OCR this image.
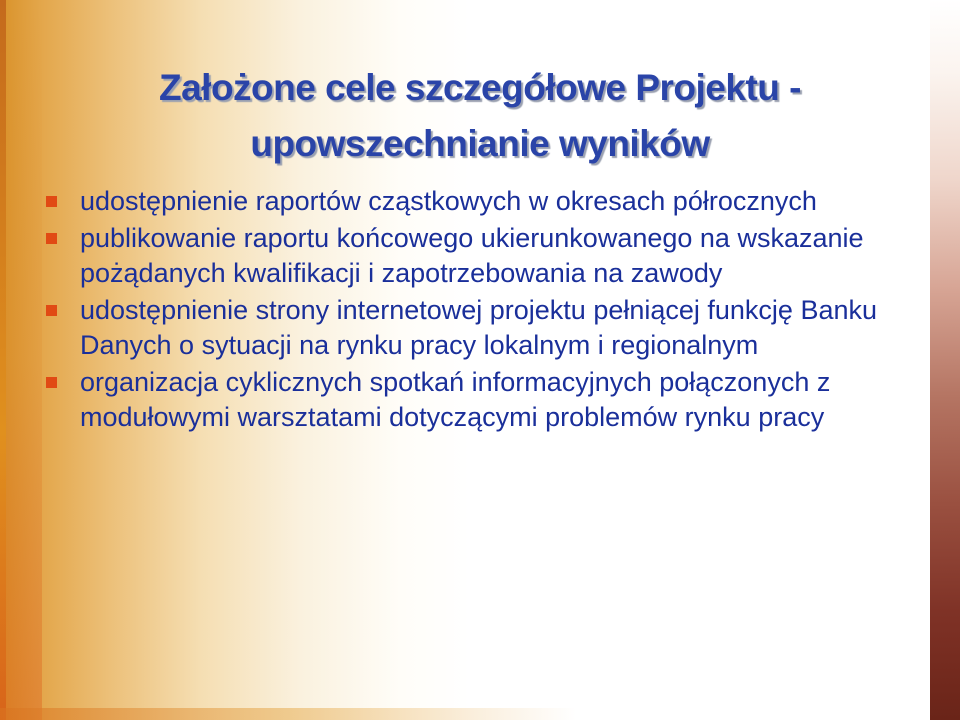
Założone cele szczegółowe Projektu -
upowszechnianie wyników
udostępnienie raportów cząstkowych w okresach półrocznych
publikowanie raportu końcowego ukierunkowanego na wskazanie pożądanych kwalifikacji i zapotrzebowania na zawody
udostępnienie strony internetowej projektu pełniącej funkcję Banku Danych o sytuacji na rynku pracy lokalnym i regionalnym
organizacja cyklicznych spotkań informacyjnych połączonych z modułowymi warsztatami dotyczącymi problemów rynku pracy
